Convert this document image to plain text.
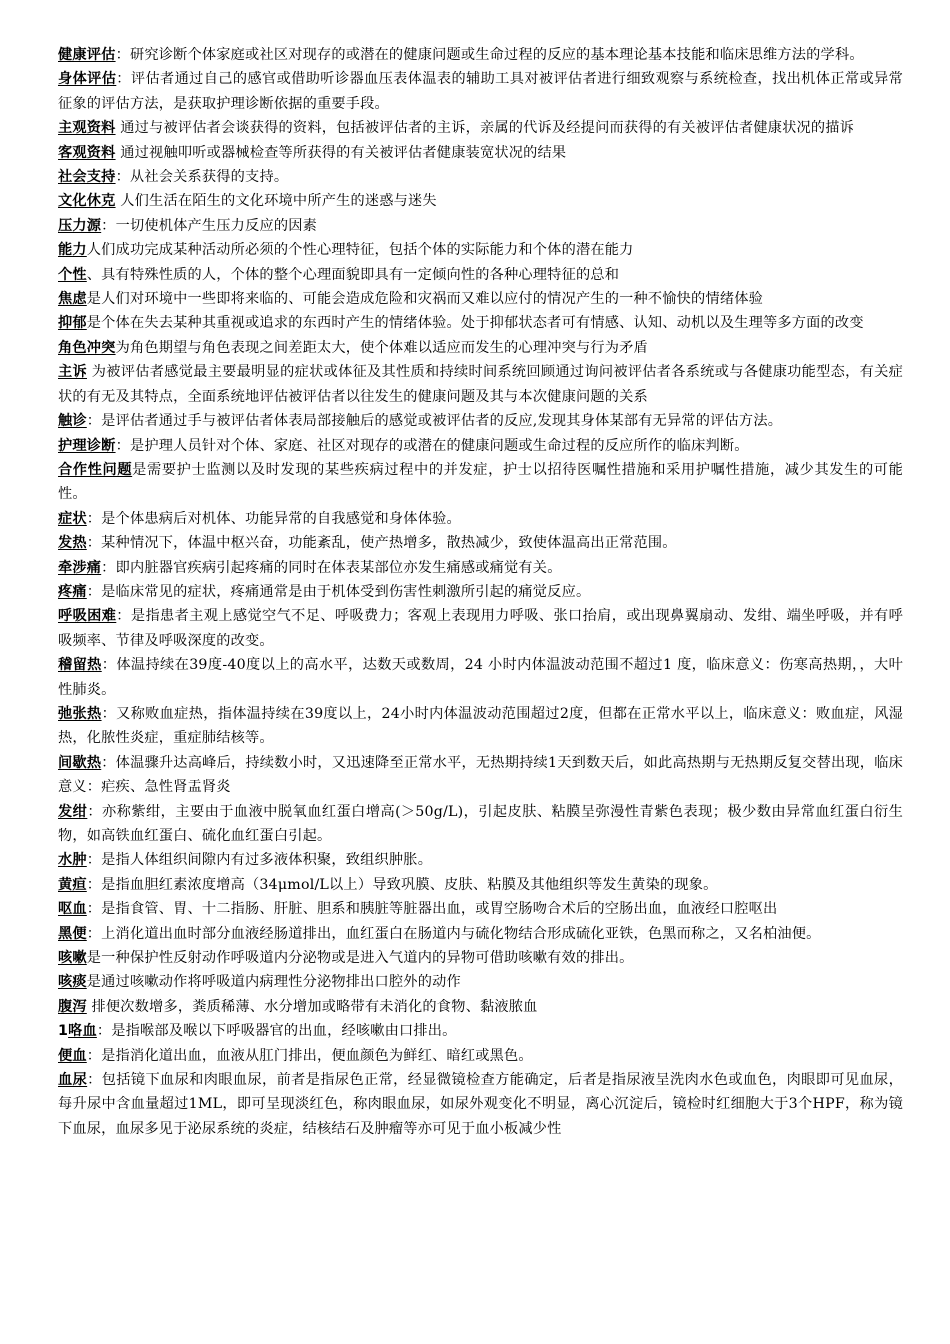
健康评估：研究诊断个体家庭或社区对现存的或潜在的健康问题或生命过程的反应的基本理论基本技能和临床思维方法的学科。

身体评估：评估者通过自己的感官或借助听诊器血压表体温表的辅助工具对被评估者进行细致观察与系统检查，找出机体正常或异常征象的评估方法，是获取护理诊断依据的重要手段。

主观资料 通过与被评估者会谈获得的资料，包括被评估者的主诉，亲属的代诉及经提问而获得的有关被评估者健康状况的描诉

客观资料 通过视触叩听或器械检查等所获得的有关被评估者健康装宽状况的结果

社会支持：从社会关系获得的支持。

文化休克 人们生活在陌生的文化环境中所产生的迷惑与迷失

压力源：一切使机体产生压力反应的因素

能力人们成功完成某种活动所必须的个性心理特征，包括个体的实际能力和个体的潜在能力

个性、具有特殊性质的人，个体的整个心理面貌即具有一定倾向性的各种心理特征的总和

焦虑是人们对环境中一些即将来临的、可能会造成危险和灾祸而又难以应付的情况产生的一种不愉快的情绪体验

抑郁是个体在失去某种其重视或追求的东西时产生的情绪体验。处于抑郁状态者可有情感、认知、动机以及生理等多方面的改变

角色冲突为角色期望与角色表现之间差距太大，使个体难以适应而发生的心理冲突与行为矛盾

主诉 为被评估者感觉最主要最明显的症状或体征及其性质和持续时间系统回顾通过询问被评估者各系统或与各健康功能型态，有关症状的有无及其特点，全面系统地评估被评估者以往发生的健康问题及其与本次健康问题的关系

触诊：是评估者通过手与被评估者体表局部接触后的感觉或被评估者的反应,发现其身体某部有无异常的评估方法。

护理诊断：是护理人员针对个体、家庭、社区对现存的或潜在的健康问题或生命过程的反应所作的临床判断。

合作性问题是需要护士监测以及时发现的某些疾病过程中的并发症，护士以招待医嘱性措施和采用护嘱性措施，减少其发生的可能性。

症状：是个体患病后对机体、功能异常的自我感觉和身体体验。

发热：某种情况下，体温中枢兴奋，功能紊乱，使产热增多，散热减少，致使体温高出正常范围。

牵涉痛：即内脏器官疾病引起疼痛的同时在体表某部位亦发生痛感或痛觉有关。

疼痛：是临床常见的症状，疼痛通常是由于机体受到伤害性刺激所引起的痛觉反应。

呼吸困难：是指患者主观上感觉空气不足、呼吸费力；客观上表现用力呼吸、张口抬肩，或出现鼻翼扇动、发绀、端坐呼吸，并有呼吸频率、节律及呼吸深度的改变。

稽留热：体温持续在39度-40度以上的高水平，达数天或数周，24 小时内体温波动范围不超过1 度，临床意义：伤寒高热期，，大叶性肺炎。

弛张热：又称败血症热，指体温持续在39度以上，24小时内体温波动范围超过2度，但都在正常水平以上，临床意义：败血症，风湿热，化脓性炎症，重症肺结核等。

间歇热：体温骤升达高峰后，持续数小时，又迅速降至正常水平，无热期持续1天到数天后，如此高热期与无热期反复交替出现，临床意义：疟疾、急性肾盂肾炎

发绀：亦称紫绀，主要由于血液中脱氧血红蛋白增高(＞50g/L)，引起皮肤、粘膜呈弥漫性青紫色表现；极少数由异常血红蛋白衍生物，如高铁血红蛋白、硫化血红蛋白引起。

水肿：是指人体组织间隙内有过多液体积聚，致组织肿胀。

黄疸：是指血胆红素浓度增高（34μmol/L以上）导致巩膜、皮肤、粘膜及其他组织等发生黄染的现象。

呕血：是指食管、胃、十二指肠、肝脏、胆系和胰脏等脏器出血，或胃空肠吻合术后的空肠出血，血液经口腔呕出

黑便：上消化道出血时部分血液经肠道排出，血红蛋白在肠道内与硫化物结合形成硫化亚铁，色黑而称之，又名柏油便。

咳嗽是一种保护性反射动作呼吸道内分泌物或是进入气道内的异物可借助咳嗽有效的排出。

咳痰是通过咳嗽动作将呼吸道内病理性分泌物排出口腔外的动作

腹泻 排便次数增多，粪质稀薄、水分增加或略带有未消化的食物、黏液脓血

1咯血：是指喉部及喉以下呼吸器官的出血，经咳嗽由口排出。

便血：是指消化道出血，血液从肛门排出，便血颜色为鲜红、暗红或黑色。

血尿：包括镜下血尿和肉眼血尿，前者是指尿色正常，经显微镜检查方能确定，后者是指尿液呈洗肉水色或血色，肉眼即可见血尿，每升尿中含血量超过1ML，即可呈现淡红色，称肉眼血尿，如尿外观变化不明显，离心沉淀后，镜检时红细胞大于3个HPF，称为镜下血尿，血尿多见于泌尿系统的炎症，结核结石及肿瘤等亦可见于血小板减少性
